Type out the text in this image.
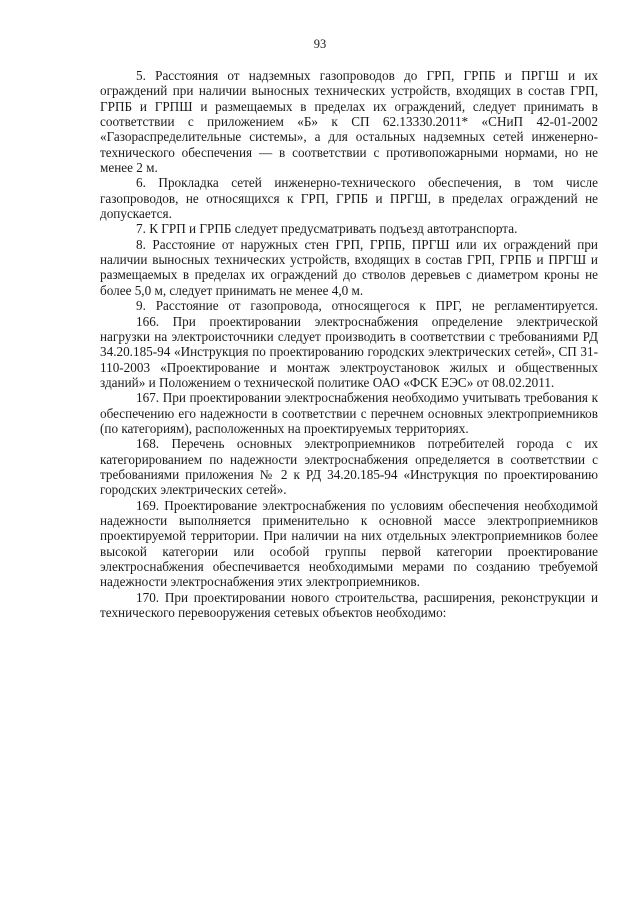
93

5. Расстояния от надземных газопроводов до ГРП, ГРПБ и ПРГШ и их ограждений при наличии выносных технических устройств, входящих в состав ГРП, ГРПБ и ГРПШ и размещаемых в пределах их ограждений, следует принимать в соответствии с приложением «Б» к СП 62.13330.2011* «СНиП 42-01-2002 «Газораспределительные системы», а для остальных надземных сетей инженерно-технического обеспечения — в соответствии с противопожарными нормами, но не менее 2 м.

6. Прокладка сетей инженерно-технического обеспечения, в том числе газопроводов, не относящихся к ГРП, ГРПБ и ПРГШ, в пределах ограждений не допускается.

7. К ГРП и ГРПБ следует предусматривать подъезд автотранспорта.

8. Расстояние от наружных стен ГРП, ГРПБ, ПРГШ или их ограждений при наличии выносных технических устройств, входящих в состав ГРП, ГРПБ и ПРГШ и размещаемых в пределах их ограждений до стволов деревьев с диаметром кроны не более 5,0 м, следует принимать не менее 4,0 м.

9. Расстояние от газопровода, относящегося к ПРГ, не регламентируется.

166. При проектировании электроснабжения определение электрической нагрузки на электроисточники следует производить в соответствии с требованиями РД 34.20.185-94 «Инструкция по проектированию городских электрических сетей», СП 31-110-2003 «Проектирование и монтаж электроустановок жилых и общественных зданий» и Положением о технической политике ОАО «ФСК ЕЭС» от 08.02.2011.

167. При проектировании электроснабжения необходимо учитывать требования к обеспечению его надежности в соответствии с перечнем основных электроприемников (по категориям), расположенных на проектируемых территориях.

168. Перечень основных электроприемников потребителей города с их категорированием по надежности электроснабжения определяется в соответствии с требованиями приложения № 2 к РД 34.20.185-94 «Инструкция по проектированию городских электрических сетей».

169. Проектирование электроснабжения по условиям обеспечения необходимой надежности выполняется применительно к основной массе электроприемников проектируемой территории. При наличии на них отдельных электроприемников более высокой категории или особой группы первой категории проектирование электроснабжения обеспечивается необходимыми мерами по созданию требуемой надежности электроснабжения этих электроприемников.

170. При проектировании нового строительства, расширения, реконструкции и технического перевооружения сетевых объектов необходимо:
